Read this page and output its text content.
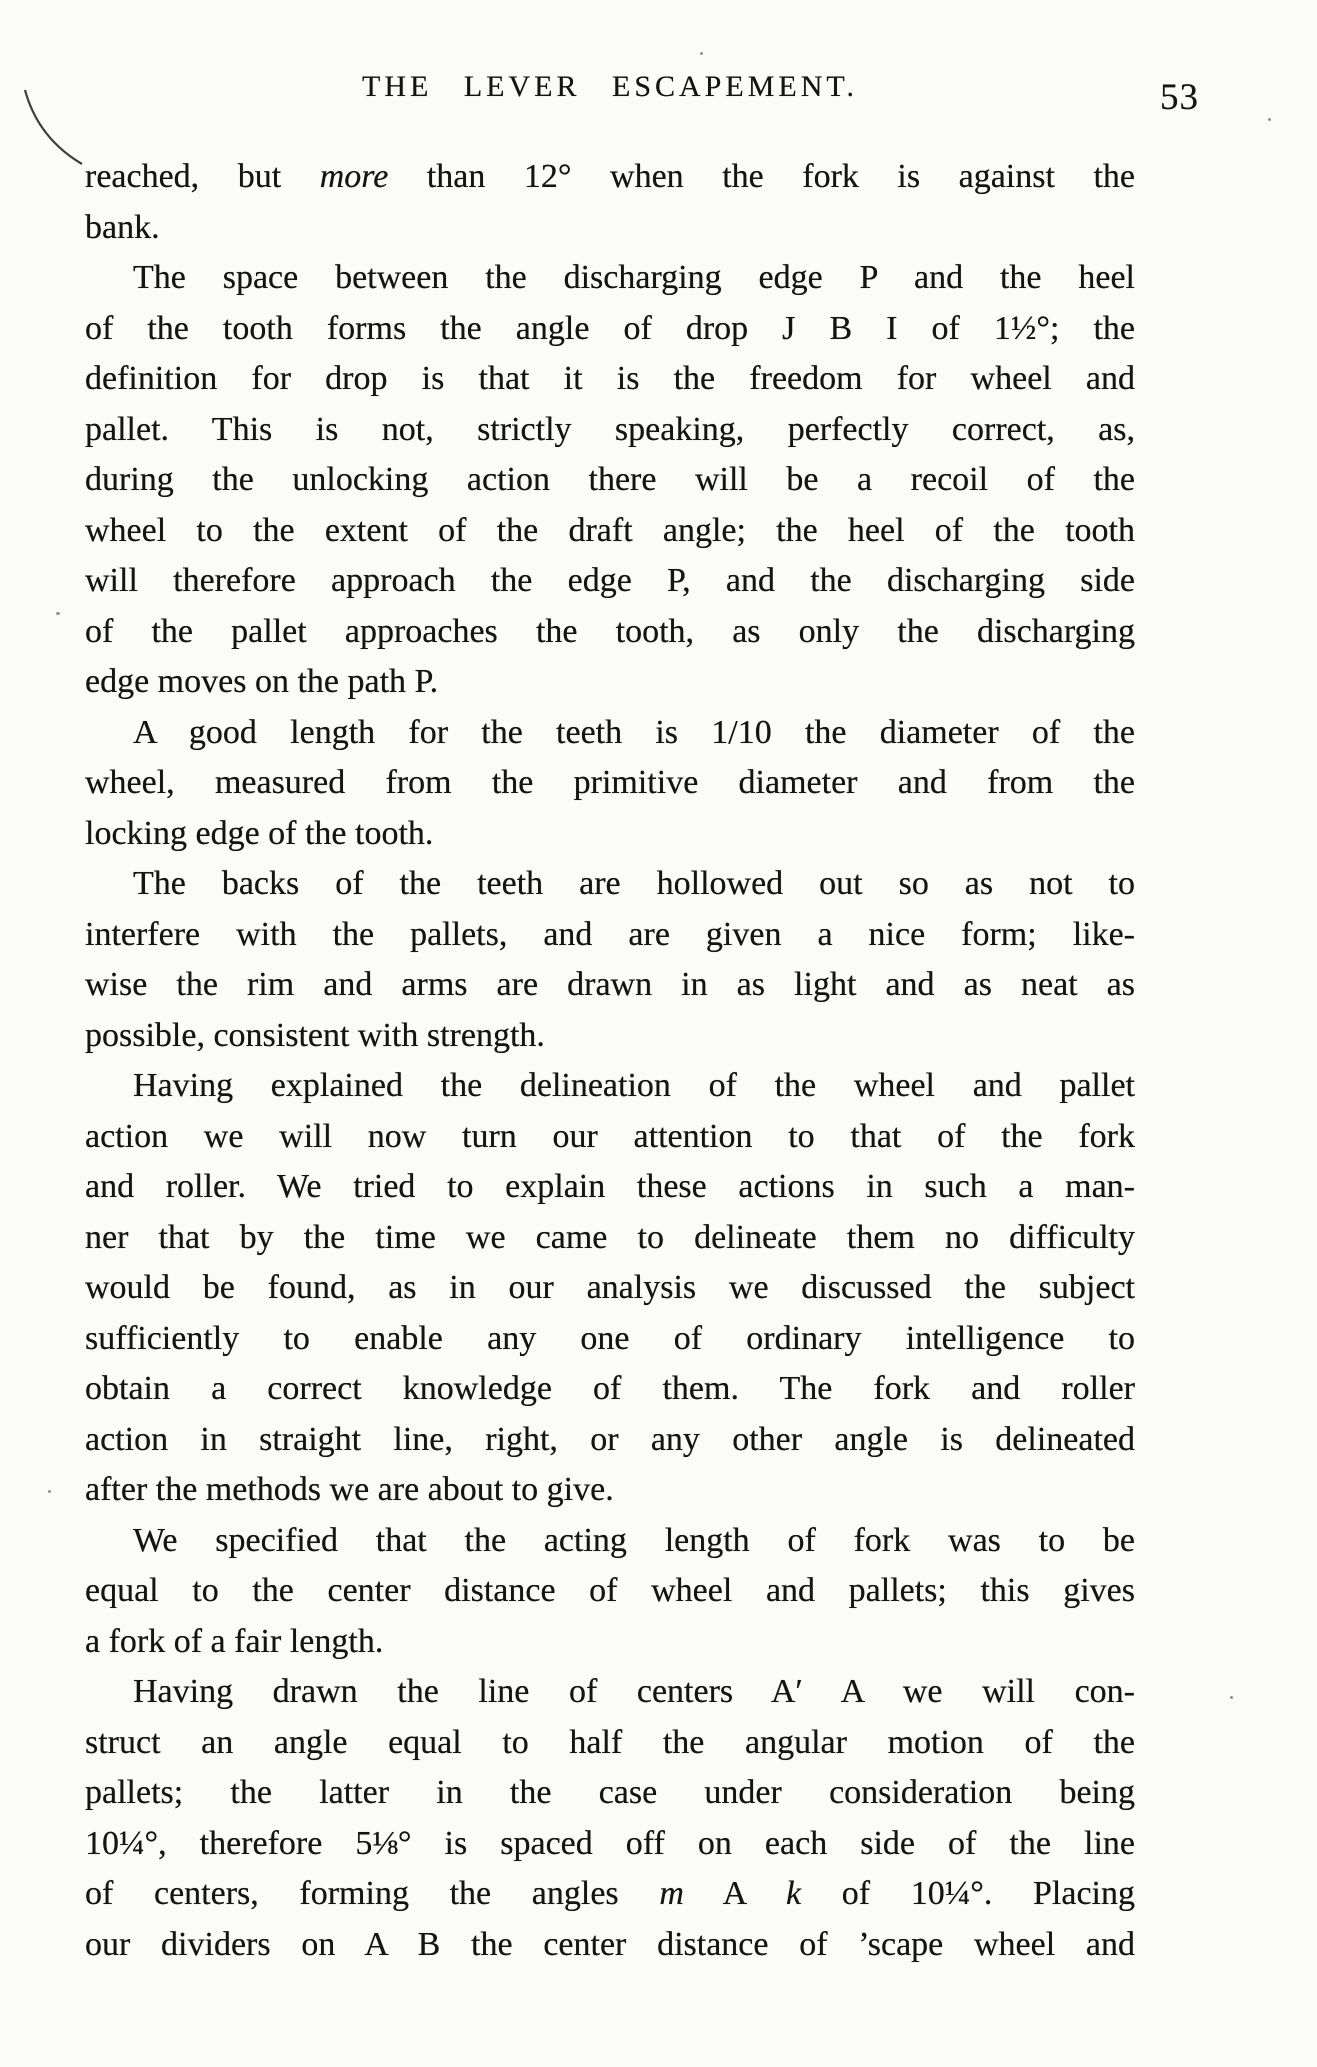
THE LEVER ESCAPEMENT.	53
reached, but more than 12° when the fork is against the
bank.
The space between the discharging edge P and the heel
of the tooth forms the angle of drop J B I of 1½°; the
definition for drop is that it is the freedom for wheel and
pallet. This is not, strictly speaking, perfectly correct, as,
during the unlocking action there will be a recoil of the
wheel to the extent of the draft angle; the heel of the tooth
will therefore approach the edge P, and the discharging side
of the pallet approaches the tooth, as only the discharging
edge moves on the path P.
A good length for the teeth is 1/10 the diameter of the
wheel, measured from the primitive diameter and from the
locking edge of the tooth.
The backs of the teeth are hollowed out so as not to
interfere with the pallets, and are given a nice form; like-
wise the rim and arms are drawn in as light and as neat as
possible, consistent with strength.
Having explained the delineation of the wheel and pallet
action we will now turn our attention to that of the fork
and roller. We tried to explain these actions in such a man-
ner that by the time we came to delineate them no difficulty
would be found, as in our analysis we discussed the subject
sufficiently to enable any one of ordinary intelligence to
obtain a correct knowledge of them. The fork and roller
action in straight line, right, or any other angle is delineated
after the methods we are about to give.
We specified that the acting length of fork was to be
equal to the center distance of wheel and pallets; this gives
a fork of a fair length.
Having drawn the line of centers A′ A we will con-
struct an angle equal to half the angular motion of the
pallets; the latter in the case under consideration being
10¼°, therefore 5⅛° is spaced off on each side of the line
of centers, forming the angles m A k of 10¼°. Placing
our dividers on A B the center distance of ’scape wheel and
